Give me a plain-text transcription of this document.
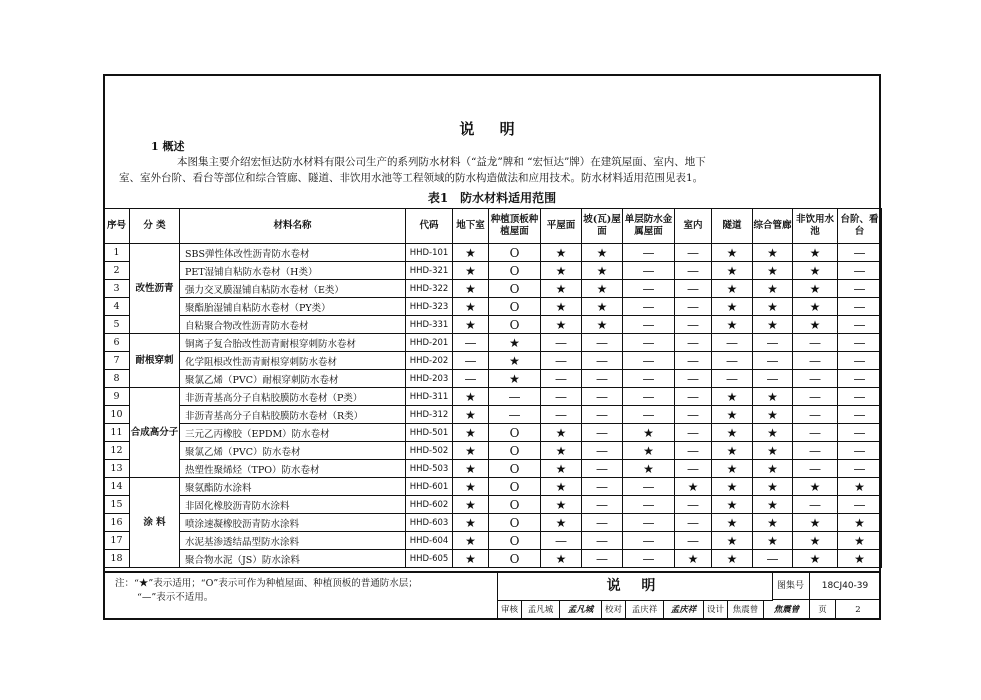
说 明
1 概述
本图集主要介绍宏恒达防水材料有限公司生产的系列防水材料（“益龙”牌和 “宏恒达”牌）在建筑屋面、室内、地下
室、室外台阶、看台等部位和综合管廊、隧道、非饮用水池等工程领域的防水构造做法和应用技术。防水材料适用范围见表1。
表1　防水材料适用范围
序号	分 类	材料名称	代码	地下室	种植顶板种植屋面	平屋面	坡(瓦)屋面	单层防水金属屋面	室内	隧道	综合管廊	非饮用水池	台阶、看台
1	改性沥青	SBS弹性体改性沥青防水卷材	HHD-101	★	O	★	★	—	—	★	★	★	—
2		PET湿铺自粘防水卷材（H类）	HHD-321	★	O	★	★	—	—	★	★	★	—
3		强力交叉膜湿铺自粘防水卷材（E类）	HHD-322	★	O	★	★	—	—	★	★	★	—
4		聚酯胎湿铺自粘防水卷材（PY类）	HHD-323	★	O	★	★	—	—	★	★	★	—
5		自粘聚合物改性沥青防水卷材	HHD-331	★	O	★	★	—	—	★	★	★	—
6	耐根穿刺	铜离子复合胎改性沥青耐根穿刺防水卷材	HHD-201	—	★	—	—	—	—	—	—	—	—
7		化学阻根改性沥青耐根穿刺防水卷材	HHD-202	—	★	—	—	—	—	—	—	—	—
8		聚氯乙烯（PVC）耐根穿刺防水卷材	HHD-203	—	★	—	—	—	—	—	—	—	—
9	合成高分子	非沥青基高分子自粘胶膜防水卷材（P类）	HHD-311	★	—	—	—	—	—	★	★	—	—
10		非沥青基高分子自粘胶膜防水卷材（R类）	HHD-312	★	—	—	—	—	—	★	★	—	—
11		三元乙丙橡胶（EPDM）防水卷材	HHD-501	★	O	★	—	★	—	★	★	—	—
12		聚氯乙烯（PVC）防水卷材	HHD-502	★	O	★	—	★	—	★	★	—	—
13		热塑性聚烯烃（TPO）防水卷材	HHD-503	★	O	★	—	★	—	★	★	—	—
14	涂 料	聚氨酯防水涂料	HHD-601	★	O	★	—	—	★	★	★	★	★
15		非固化橡胶沥青防水涂料	HHD-602	★	O	★	—	—	—	★	★	—	—
16		喷涂速凝橡胶沥青防水涂料	HHD-603	★	O	★	—	—	—	★	★	★	★
17		水泥基渗透结晶型防水涂料	HHD-604	★	O	—	—	—	—	★	★	★	★
18		聚合物水泥（JS）防水涂料	HHD-605	★	O	★	—	—	★	★	—	★	★
注：“★”表示适用；“O”表示可作为种植屋面、种植顶板的普通防水层；
“—”表示不适用。
说 明	图集号	18CJ40-39
审核	孟凡城	孟凡城	校对	孟庆祥	孟庆祥	设计	焦震曾	焦震曾	页	2
